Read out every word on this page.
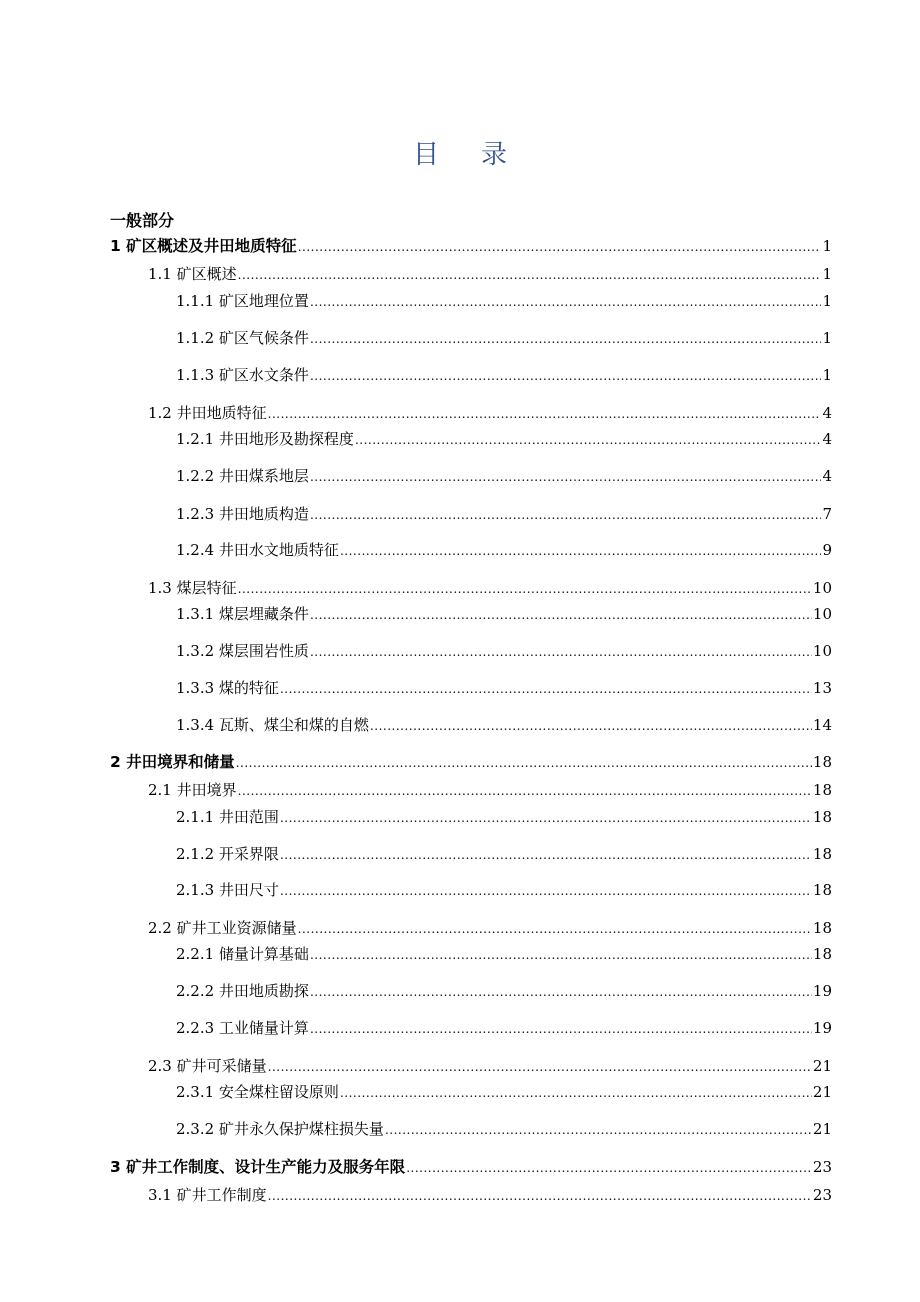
目录
一般部分
1 矿区概述及井田地质特征 .....	1
1.1 矿区概述 .....	1
1.1.1 矿区地理位置 .....	1
1.1.2 矿区气候条件 .....	1
1.1.3 矿区水文条件 .....	1
1.2 井田地质特征 .....	4
1.2.1 井田地形及勘探程度 .....	4
1.2.2 井田煤系地层 .....	4
1.2.3 井田地质构造 .....	7
1.2.4 井田水文地质特征 .....	9
1.3 煤层特征 .....	10
1.3.1 煤层埋藏条件 .....	10
1.3.2 煤层围岩性质 .....	10
1.3.3 煤的特征 .....	13
1.3.4 瓦斯、煤尘和煤的自燃 .....	14
2 井田境界和储量 .....	18
2.1 井田境界 .....	18
2.1.1 井田范围 .....	18
2.1.2 开采界限 .....	18
2.1.3 井田尺寸 .....	18
2.2 矿井工业资源储量 .....	18
2.2.1 储量计算基础 .....	18
2.2.2 井田地质勘探 .....	19
2.2.3 工业储量计算 .....	19
2.3 矿井可采储量 .....	21
2.3.1 安全煤柱留设原则 .....	21
2.3.2 矿井永久保护煤柱损失量 .....	21
3 矿井工作制度、设计生产能力及服务年限 .....	23
3.1 矿井工作制度 .....	23
